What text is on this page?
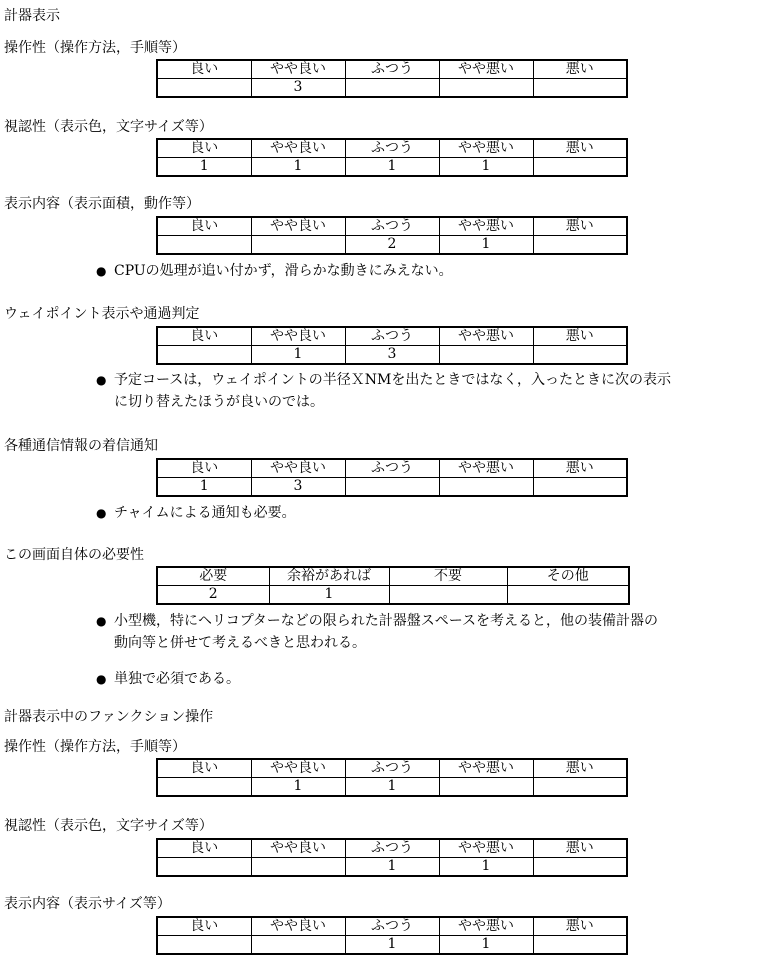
計器表示
操作性（操作方法，手順等）
良い	やや良い	ふつう	やや悪い	悪い
	3			
視認性（表示色，文字サイズ等）
良い	やや良い	ふつう	やや悪い	悪い
1	1	1	1	
表示内容（表示面積，動作等）
良い	やや良い	ふつう	やや悪い	悪い
		2	1	
● CPUの処理が追い付かず，滑らかな動きにみえない。
ウェイポイント表示や通過判定
良い	やや良い	ふつう	やや悪い	悪い
	1	3		
● 予定コースは，ウェイポイントの半径ＸNMを出たときではなく，入ったときに次の表示
に切り替えたほうが良いのでは。
各種通信情報の着信通知
良い	やや良い	ふつう	やや悪い	悪い
1	3			
● チャイムによる通知も必要。
この画面自体の必要性
必要	余裕があれば	不要	その他
2	1		
● 小型機，特にヘリコプターなどの限られた計器盤スペースを考えると，他の装備計器の
動向等と併せて考えるべきと思われる。
● 単独で必須である。
計器表示中のファンクション操作
操作性（操作方法，手順等）
良い	やや良い	ふつう	やや悪い	悪い
	1	1		
視認性（表示色，文字サイズ等）
良い	やや良い	ふつう	やや悪い	悪い
		1	1	
表示内容（表示サイズ等）
良い	やや良い	ふつう	やや悪い	悪い
		1	1	
